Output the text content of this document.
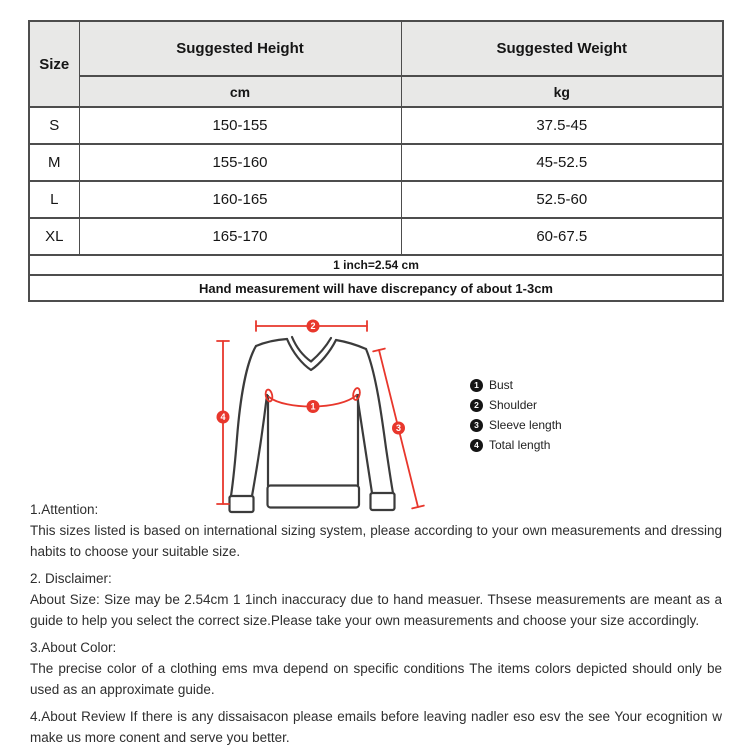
Size	Suggested Height	Suggested Weight
	cm	kg
S	150-155	37.5-45
M	155-160	45-52.5
L	160-165	52.5-60
XL	165-170	60-67.5
1 inch=2.54 cm		
Hand measurement will have discrepancy of about 1-3cm		
2
4
3
1
1 Bust
2 Shoulder
3 Sleeve length
4 Total length
1.Attention:
This sizes listed is based on international sizing system, please according to your own measurements and dressing habits to choose your suitable size.
2. Disclaimer:
About Size: Size may be 2.54cm 1 1inch inaccuracy due to hand measuer. Thsese measurements are meant as a guide to help you select the correct size.Please take your own measurements and choose your size accordingly.
3.About Color:
The precise color of a clothing ems mva depend on specific conditions The items colors depicted should only be used as an approximate guide.
4.About Review If there is any dissaisacon please emails before leaving nadler eso esv the see Your ecognition w make us more conent and serve you better.
